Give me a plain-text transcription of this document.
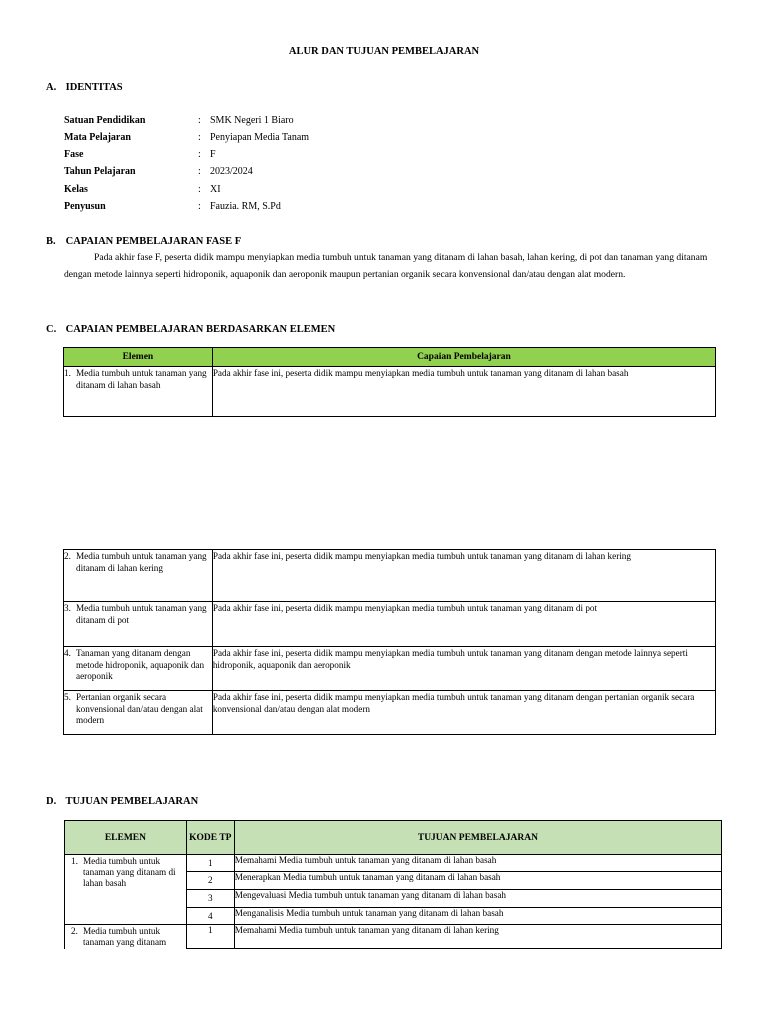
ALUR DAN TUJUAN PEMBELAJARAN
A. IDENTITAS
Satuan Pendidikan	: SMK Negeri 1 Biaro
Mata Pelajaran	: Penyiapan Media Tanam
Fase	: F
Tahun Pelajaran	: 2023/2024
Kelas	: XI
Penyusun	: Fauzia. RM, S.Pd
B. CAPAIAN PEMBELAJARAN FASE F
Pada akhir fase F, peserta didik mampu menyiapkan media tumbuh untuk tanaman yang ditanam di lahan basah, lahan kering, di pot dan tanaman yang ditanam dengan metode lainnya seperti hidroponik, aquaponik dan aeroponik maupun pertanian organik secara konvensional dan/atau dengan alat modern.
C. CAPAIAN PEMBELAJARAN BERDASARKAN ELEMEN
Elemen	Capaian Pembelajaran

1. Media tumbuh untuk tanaman yang ditanam di lahan basah	Pada akhir fase ini, peserta didik mampu menyiapkan media tumbuh untuk tanaman yang ditanam di lahan basah
2. Media tumbuh untuk tanaman yang ditanam di lahan kering	Pada akhir fase ini, peserta didik mampu menyiapkan media tumbuh untuk tanaman yang ditanam di lahan kering

3. Media tumbuh untuk tanaman yang ditanam di pot	Pada akhir fase ini, peserta didik mampu menyiapkan media tumbuh untuk tanaman yang ditanam di pot

4. Tanaman yang ditanam dengan metode hidroponik, aquaponik dan aeroponik	Pada akhir fase ini, peserta didik mampu menyiapkan media tumbuh untuk tanaman yang ditanam dengan metode lainnya seperti hidroponik, aquaponik dan aeroponik

5. Pertanian organik secara konvensional dan/atau dengan alat modern	Pada akhir fase ini, peserta didik mampu menyiapkan media tumbuh untuk tanaman yang ditanam dengan pertanian organik secara konvensional dan/atau dengan alat modern
D. TUJUAN PEMBELAJARAN
ELEMEN	KODE TP	TUJUAN PEMBELAJARAN

1. Media tumbuh untuk tanaman yang ditanam di lahan basah	1	Memahami Media tumbuh untuk tanaman yang ditanam di lahan basah
	2	Menerapkan Media tumbuh untuk tanaman yang ditanam di lahan basah
	3	Mengevaluasi Media tumbuh untuk tanaman yang ditanam di lahan basah
	4	Menganalisis Media tumbuh untuk tanaman yang ditanam di lahan basah

2. Media tumbuh untuk tanaman yang ditanam	1	Memahami Media tumbuh untuk tanaman yang ditanam di lahan kering
